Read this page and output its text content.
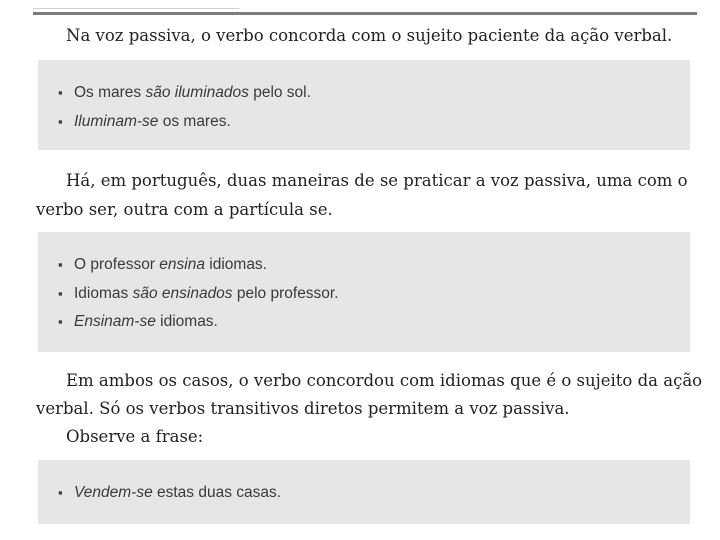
Na voz passiva, o verbo concorda com o sujeito paciente da ação verbal.

▪ Os mares são iluminados pelo sol.
▪ Iluminam-se os mares.

Há, em português, duas maneiras de se praticar a voz passiva, uma com o

verbo ser, outra com a partícula se.

▪ O professor ensina idiomas.
▪ Idiomas são ensinados pelo professor.
▪ Ensinam-se idiomas.

Em ambos os casos, o verbo concordou com idiomas que é o sujeito da ação

verbal. Só os verbos transitivos diretos permitem a voz passiva.

Observe a frase:

▪ Vendem-se estas duas casas.
